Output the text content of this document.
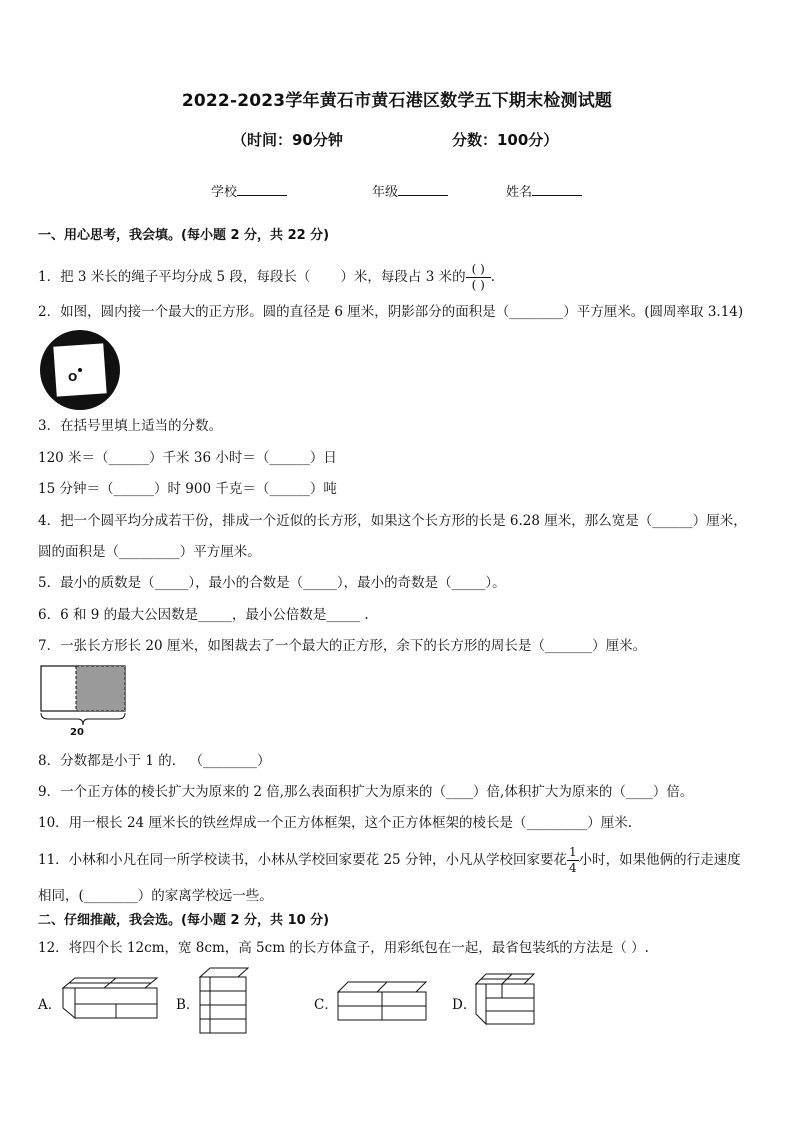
2022-2023学年黄石市黄石港区数学五下期末检测试题
（时间：90分钟	分数：100分）
学校	年级	姓名
一、用心思考，我会填。(每小题 2 分，共 22 分)
1．把 3 米长的绳子平均分成 5 段，每段长（ ）米，每段占 3 米的 $\frac{( )}{( )}$ .
2．如图，圆内接一个最大的正方形。圆的直径是 6 厘米，阴影部分的面积是（________）平方厘米。(圆周率取 3.14)
O
3．在括号里填上适当的分数。
120 米＝（______）千米 36 小时＝（______）日
15 分钟＝（______）时 900 千克＝（______）吨
4．把一个圆平均分成若干份，排成一个近似的长方形，如果这个长方形的长是 6.28 厘米，那么宽是（______）厘米，
圆的面积是（_________）平方厘米。
5．最小的质数是（_____），最小的合数是（_____），最小的奇数是（_____）。
6．6 和 9 的最大公因数是_____，最小公倍数是_____ .
7．一张长方形长 20 厘米，如图裁去了一个最大的正方形，余下的长方形的周长是（_______）厘米。
20
8．分数都是小于 1 的． （________）
9．一个正方体的棱长扩大为原来的 2 倍,那么表面积扩大为原来的（____）倍,体积扩大为原来的（____）倍。
10．用一根长 24 厘米长的铁丝焊成一个正方体框架，这个正方体框架的棱长是（_________）厘米.
11．小林和小凡在同一所学校读书，小林从学校回家要花 25 分钟，小凡从学校回家要花 $\frac{1}{4}$ 小时，如果他俩的行走速度
相同，(________）的家离学校远一些。
二、仔细推敲，我会选。(每小题 2 分，共 10 分)
12．将四个长 12cm，宽 8cm，高 5cm 的长方体盒子，用彩纸包在一起，最省包装纸的方法是（ ）.
A．	B．	C．	D．
